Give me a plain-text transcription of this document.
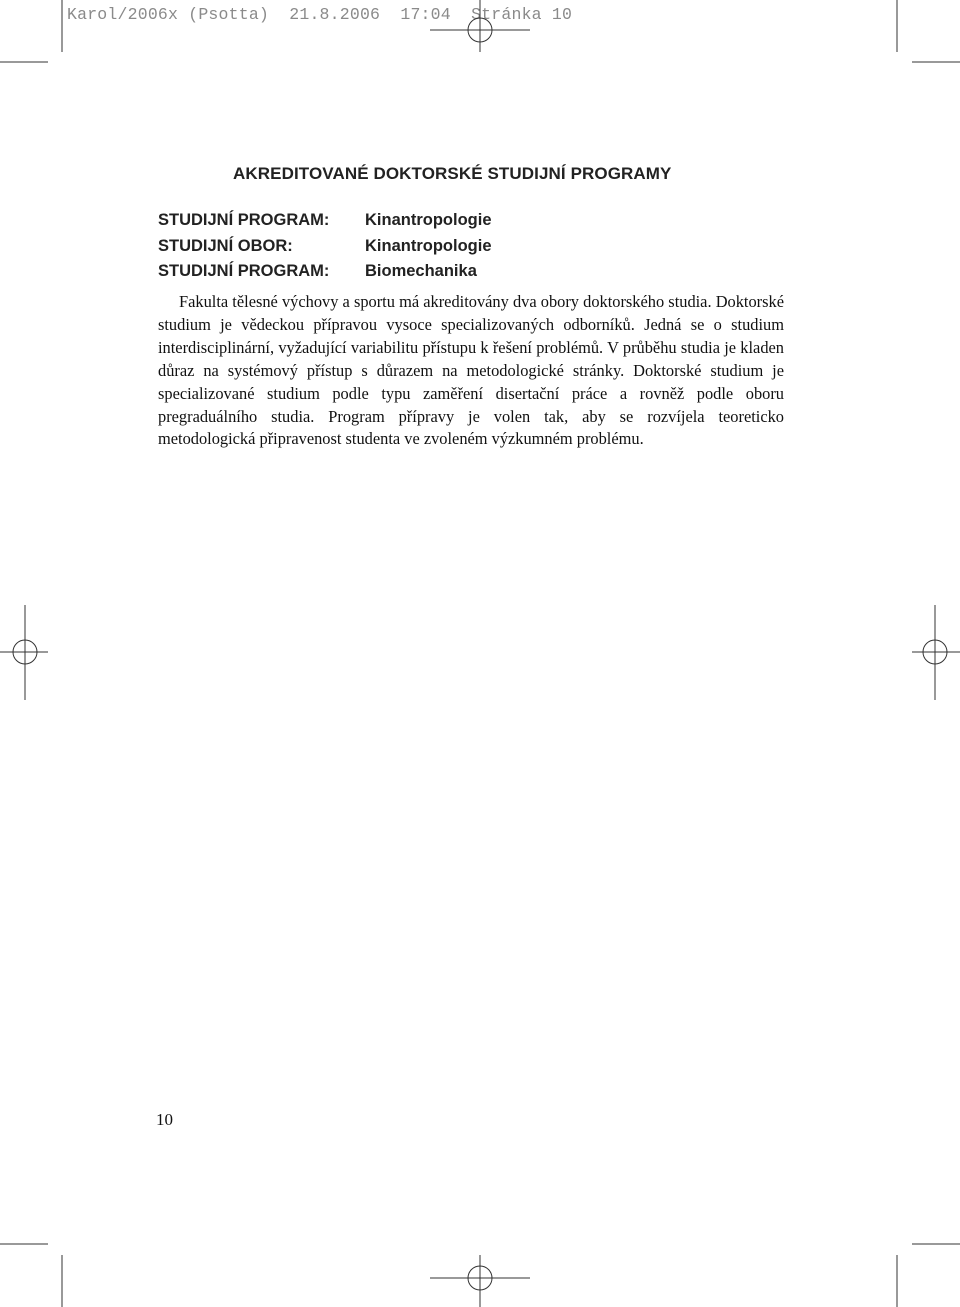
Karol/2006x (Psotta)  21.8.2006  17:04  Stránka 10
AKREDITOVANÉ DOKTORSKÉ STUDIJNÍ PROGRAMY
STUDIJNÍ PROGRAM: Kinantropologie
STUDIJNÍ OBOR:	Kinantropologie
STUDIJNÍ PROGRAM: Biomechanika

Fakulta tělesné výchovy a sportu má akreditovány dva obory doktorského studia. Doktorské studium je vědeckou přípravou vysoce specializovaných odborníků. Jedná se o studium interdisciplinární, vyžadující variabilitu přístupu k řešení problémů. V průběhu studia je kladen důraz na systémový přístup s důrazem na metodologické stránky. Doktorské studium je specializované studium podle typu zaměření disertační práce a rovněž podle oboru pregraduálního studia. Program přípravy je volen tak, aby se rozvíjela teoreticko metodologická připravenost studenta ve zvoleném výzkumném problému.

10
